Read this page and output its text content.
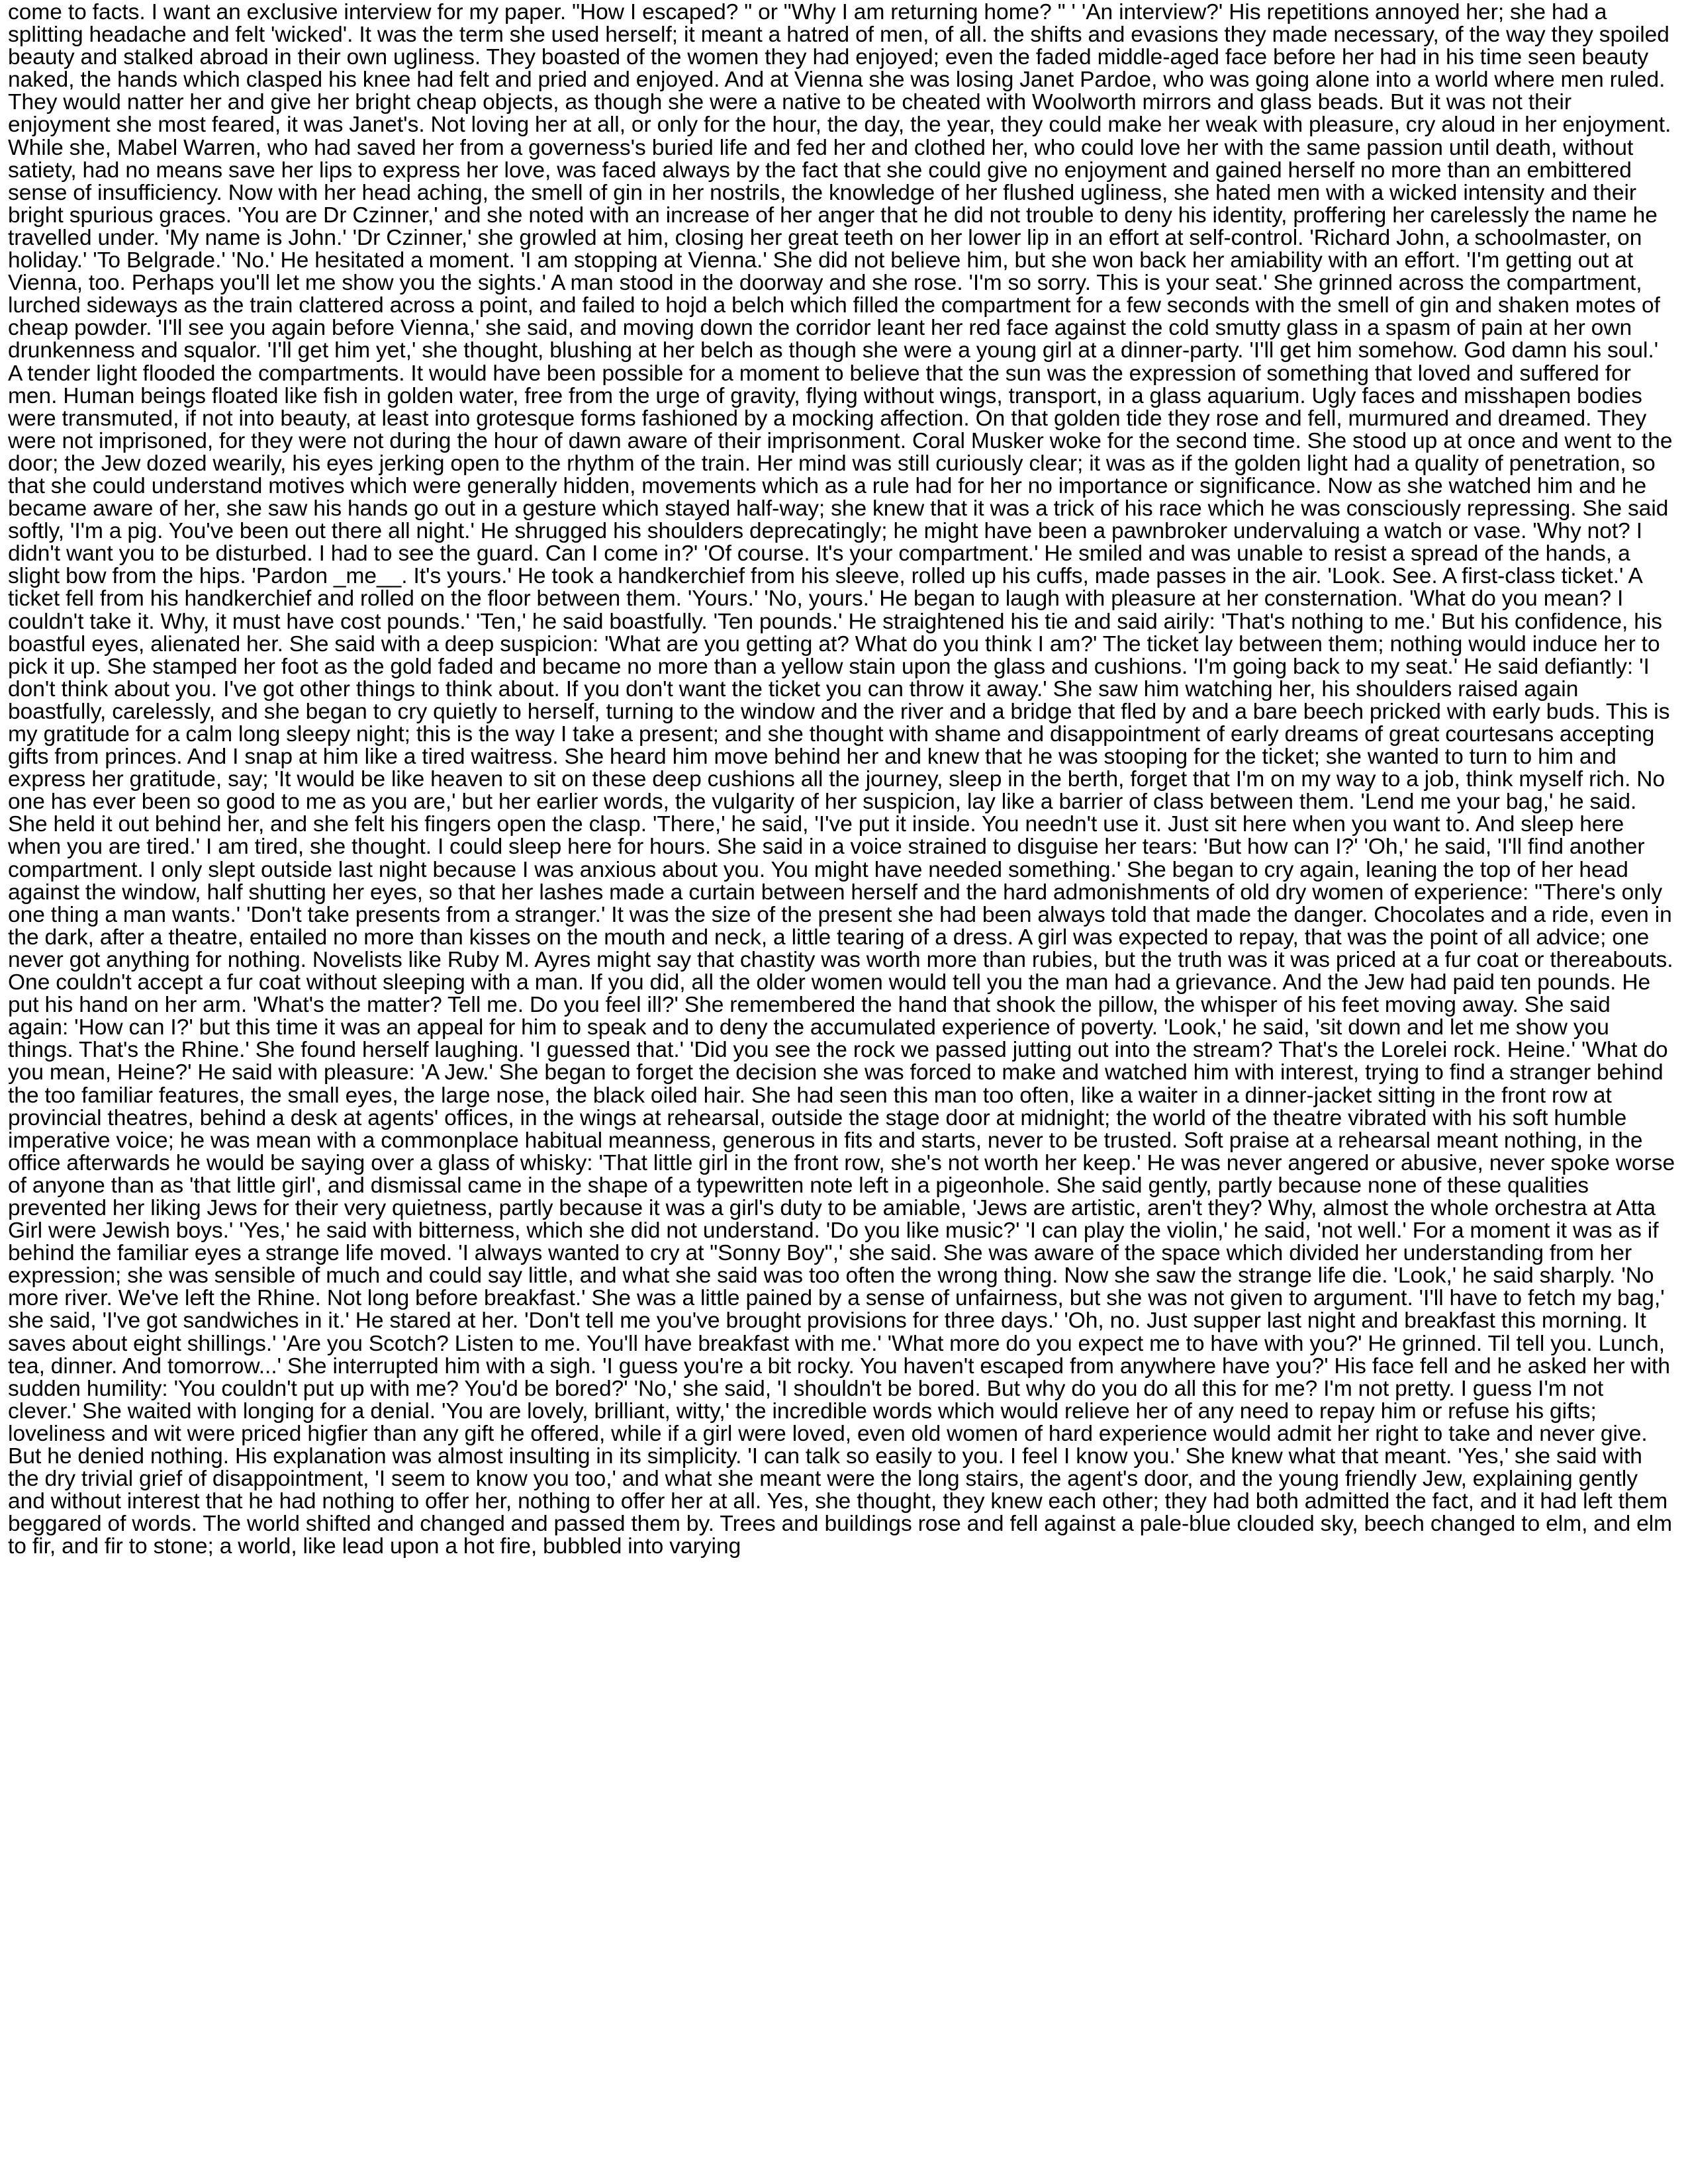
come to facts. I want an exclusive interview for my paper. "How I escaped? " or "Why I am returning home? " ' 'An interview?' His repetitions annoyed her; she had a splitting headache and felt 'wicked'. It was the term she used herself; it meant a hatred of men, of all. the shifts and evasions they made necessary, of the way they spoiled beauty and stalked abroad in their own ugliness. They boasted of the women they had enjoyed; even the faded middle-aged face before her had in his time seen beauty naked, the hands which clasped his knee had felt and pried and enjoyed. And at Vienna she was losing Janet Pardoe, who was going alone into a world where men ruled. They would natter her and give her bright cheap objects, as though she were a native to be cheated with Woolworth mirrors and glass beads. But it was not their enjoyment she most feared, it was Janet's. Not loving her at all, or only for the hour, the day, the year, they could make her weak with pleasure, cry aloud in her enjoyment. While she, Mabel Warren, who had saved her from a governess's buried life and fed her and clothed her, who could love her with the same passion until death, without satiety, had no means save her lips to express her love, was faced always by the fact that she could give no enjoyment and gained herself no more than an embittered sense of insufficiency. Now with her head aching, the smell of gin in her nostrils, the knowledge of her flushed ugliness, she hated men with a wicked intensity and their bright spurious graces. 'You are Dr Czinner,' and she noted with an increase of her anger that he did not trouble to deny his identity, proffering her carelessly the name he travelled under. 'My name is John.' 'Dr Czinner,' she growled at him, closing her great teeth on her lower lip in an effort at self-control. 'Richard John, a schoolmaster, on holiday.' 'To Belgrade.' 'No.' He hesitated a moment. 'I am stopping at Vienna.' She did not believe him, but she won back her amiability with an effort. 'I'm getting out at Vienna, too. Perhaps you'll let me show you the sights.' A man stood in the doorway and she rose. 'I'm so sorry. This is your seat.' She grinned across the compartment, lurched sideways as the train clattered across a point, and failed to hojd a belch which filled the compartment for a few seconds with the smell of gin and shaken motes of cheap powder. 'I'll see you again before Vienna,' she said, and moving down the corridor leant her red face against the cold smutty glass in a spasm of pain at her own drunkenness and squalor. 'I'll get him yet,' she thought, blushing at her belch as though she were a young girl at a dinner-party. 'I'll get him somehow. God damn his soul.' A tender light flooded the compartments. It would have been possible for a moment to believe that the sun was the expression of something that loved and suffered for men. Human beings floated like fish in golden water, free from the urge of gravity, flying without wings, transport, in a glass aquarium. Ugly faces and misshapen bodies were transmuted, if not into beauty, at least into grotesque forms fashioned by a mocking affection. On that golden tide they rose and fell, murmured and dreamed. They were not imprisoned, for they were not during the hour of dawn aware of their imprisonment. Coral Musker woke for the second time. She stood up at once and went to the door; the Jew dozed wearily, his eyes jerking open to the rhythm of the train. Her mind was still curiously clear; it was as if the golden light had a quality of penetration, so that she could understand motives which were generally hidden, movements which as a rule had for her no importance or significance. Now as she watched him and he became aware of her, she saw his hands go out in a gesture which stayed half-way; she knew that it was a trick of his race which he was consciously repressing. She said softly, 'I'm a pig. You've been out there all night.' He shrugged his shoulders deprecatingly; he might have been a pawnbroker undervaluing a watch or vase. 'Why not? I didn't want you to be disturbed. I had to see the guard. Can I come in?' 'Of course. It's your compartment.' He smiled and was unable to resist a spread of the hands, a slight bow from the hips. 'Pardon _me__. It's yours.' He took a handkerchief from his sleeve, rolled up his cuffs, made passes in the air. 'Look. See. A first-class ticket.' A ticket fell from his handkerchief and rolled on the floor between them. 'Yours.' 'No, yours.' He began to laugh with pleasure at her consternation. 'What do you mean? I couldn't take it. Why, it must have cost pounds.' 'Ten,' he said boastfully. 'Ten pounds.' He straightened his tie and said airily: 'That's nothing to me.' But his confidence, his boastful eyes, alienated her. She said with a deep suspicion: 'What are you getting at? What do you think I am?' The ticket lay between them; nothing would induce her to pick it up. She stamped her foot as the gold faded and became no more than a yellow stain upon the glass and cushions. 'I'm going back to my seat.' He said defiantly: 'I don't think about you. I've got other things to think about. If you don't want the ticket you can throw it away.' She saw him watching her, his shoulders raised again boastfully, carelessly, and she began to cry quietly to herself, turning to the window and the river and a bridge that fled by and a bare beech pricked with early buds. This is my gratitude for a calm long sleepy night; this is the way I take a present; and she thought with shame and disappointment of early dreams of great courtesans accepting gifts from princes. And I snap at him like a tired waitress. She heard him move behind her and knew that he was stooping for the ticket; she wanted to turn to him and express her gratitude, say; 'It would be like heaven to sit on these deep cushions all the journey, sleep in the berth, forget that I'm on my way to a job, think myself rich. No one has ever been so good to me as you are,' but her earlier words, the vulgarity of her suspicion, lay like a barrier of class between them. 'Lend me your bag,' he said. She held it out behind her, and she felt his fingers open the clasp. 'There,' he said, 'I've put it inside. You needn't use it. Just sit here when you want to. And sleep here when you are tired.' I am tired, she thought. I could sleep here for hours. She said in a voice strained to disguise her tears: 'But how can I?' 'Oh,' he said, 'I'll find another compartment. I only slept outside last night because I was anxious about you. You might have needed something.' She began to cry again, leaning the top of her head against the window, half shutting her eyes, so that her lashes made a curtain between herself and the hard admonishments of old dry women of experience: "There's only one thing a man wants.' 'Don't take presents from a stranger.' It was the size of the present she had been always told that made the danger. Chocolates and a ride, even in the dark, after a theatre, entailed no more than kisses on the mouth and neck, a little tearing of a dress. A girl was expected to repay, that was the point of all advice; one never got anything for nothing. Novelists like Ruby M. Ayres might say that chastity was worth more than rubies, but the truth was it was priced at a fur coat or thereabouts. One couldn't accept a fur coat without sleeping with a man. If you did, all the older women would tell you the man had a grievance. And the Jew had paid ten pounds. He put his hand on her arm. 'What's the matter? Tell me. Do you feel ill?' She remembered the hand that shook the pillow, the whisper of his feet moving away. She said again: 'How can I?' but this time it was an appeal for him to speak and to deny the accumulated experience of poverty. 'Look,' he said, 'sit down and let me show you things. That's the Rhine.' She found herself laughing. 'I guessed that.' 'Did you see the rock we passed jutting out into the stream? That's the Lorelei rock. Heine.' 'What do you mean, Heine?' He said with pleasure: 'A Jew.' She began to forget the decision she was forced to make and watched him with interest, trying to find a stranger behind the too familiar features, the small eyes, the large nose, the black oiled hair. She had seen this man too often, like a waiter in a dinner-jacket sitting in the front row at provincial theatres, behind a desk at agents' offices, in the wings at rehearsal, outside the stage door at midnight; the world of the theatre vibrated with his soft humble imperative voice; he was mean with a commonplace habitual meanness, generous in fits and starts, never to be trusted. Soft praise at a rehearsal meant nothing, in the office afterwards he would be saying over a glass of whisky: 'That little girl in the front row, she's not worth her keep.' He was never angered or abusive, never spoke worse of anyone than as 'that little girl', and dismissal came in the shape of a typewritten note left in a pigeonhole. She said gently, partly because none of these qualities prevented her liking Jews for their very quietness, partly because it was a girl's duty to be amiable, 'Jews are artistic, aren't they? Why, almost the whole orchestra at Atta Girl were Jewish boys.' 'Yes,' he said with bitterness, which she did not understand. 'Do you like music?' 'I can play the violin,' he said, 'not well.' For a moment it was as if behind the familiar eyes a strange life moved. 'I always wanted to cry at "Sonny Boy",' she said. She was aware of the space which divided her understanding from her expression; she was sensible of much and could say little, and what she said was too often the wrong thing. Now she saw the strange life die. 'Look,' he said sharply. 'No more river. We've left the Rhine. Not long before breakfast.' She was a little pained by a sense of unfairness, but she was not given to argument. 'I'll have to fetch my bag,' she said, 'I've got sandwiches in it.' He stared at her. 'Don't tell me you've brought provisions for three days.' 'Oh, no. Just supper last night and breakfast this morning. It saves about eight shillings.' 'Are you Scotch? Listen to me. You'll have breakfast with me.' 'What more do you expect me to have with you?' He grinned. Til tell you. Lunch, tea, dinner. And tomorrow...' She interrupted him with a sigh. 'I guess you're a bit rocky. You haven't escaped from anywhere have you?' His face fell and he asked her with sudden humility: 'You couldn't put up with me? You'd be bored?' 'No,' she said, 'I shouldn't be bored. But why do you do all this for me? I'm not pretty. I guess I'm not clever.' She waited with longing for a denial. 'You are lovely, brilliant, witty,' the incredible words which would relieve her of any need to repay him or refuse his gifts; loveliness and wit were priced higfier than any gift he offered, while if a girl were loved, even old women of hard experience would admit her right to take and never give. But he denied nothing. His explanation was almost insulting in its simplicity. 'I can talk so easily to you. I feel I know you.' She knew what that meant. 'Yes,' she said with the dry trivial grief of disappointment, 'I seem to know you too,' and what she meant were the long stairs, the agent's door, and the young friendly Jew, explaining gently and without interest that he had nothing to offer her, nothing to offer her at all. Yes, she thought, they knew each other; they had both admitted the fact, and it had left them beggared of words. The world shifted and changed and passed them by. Trees and buildings rose and fell against a pale-blue clouded sky, beech changed to elm, and elm to fir, and fir to stone; a world, like lead upon a hot fire, bubbled into varying
